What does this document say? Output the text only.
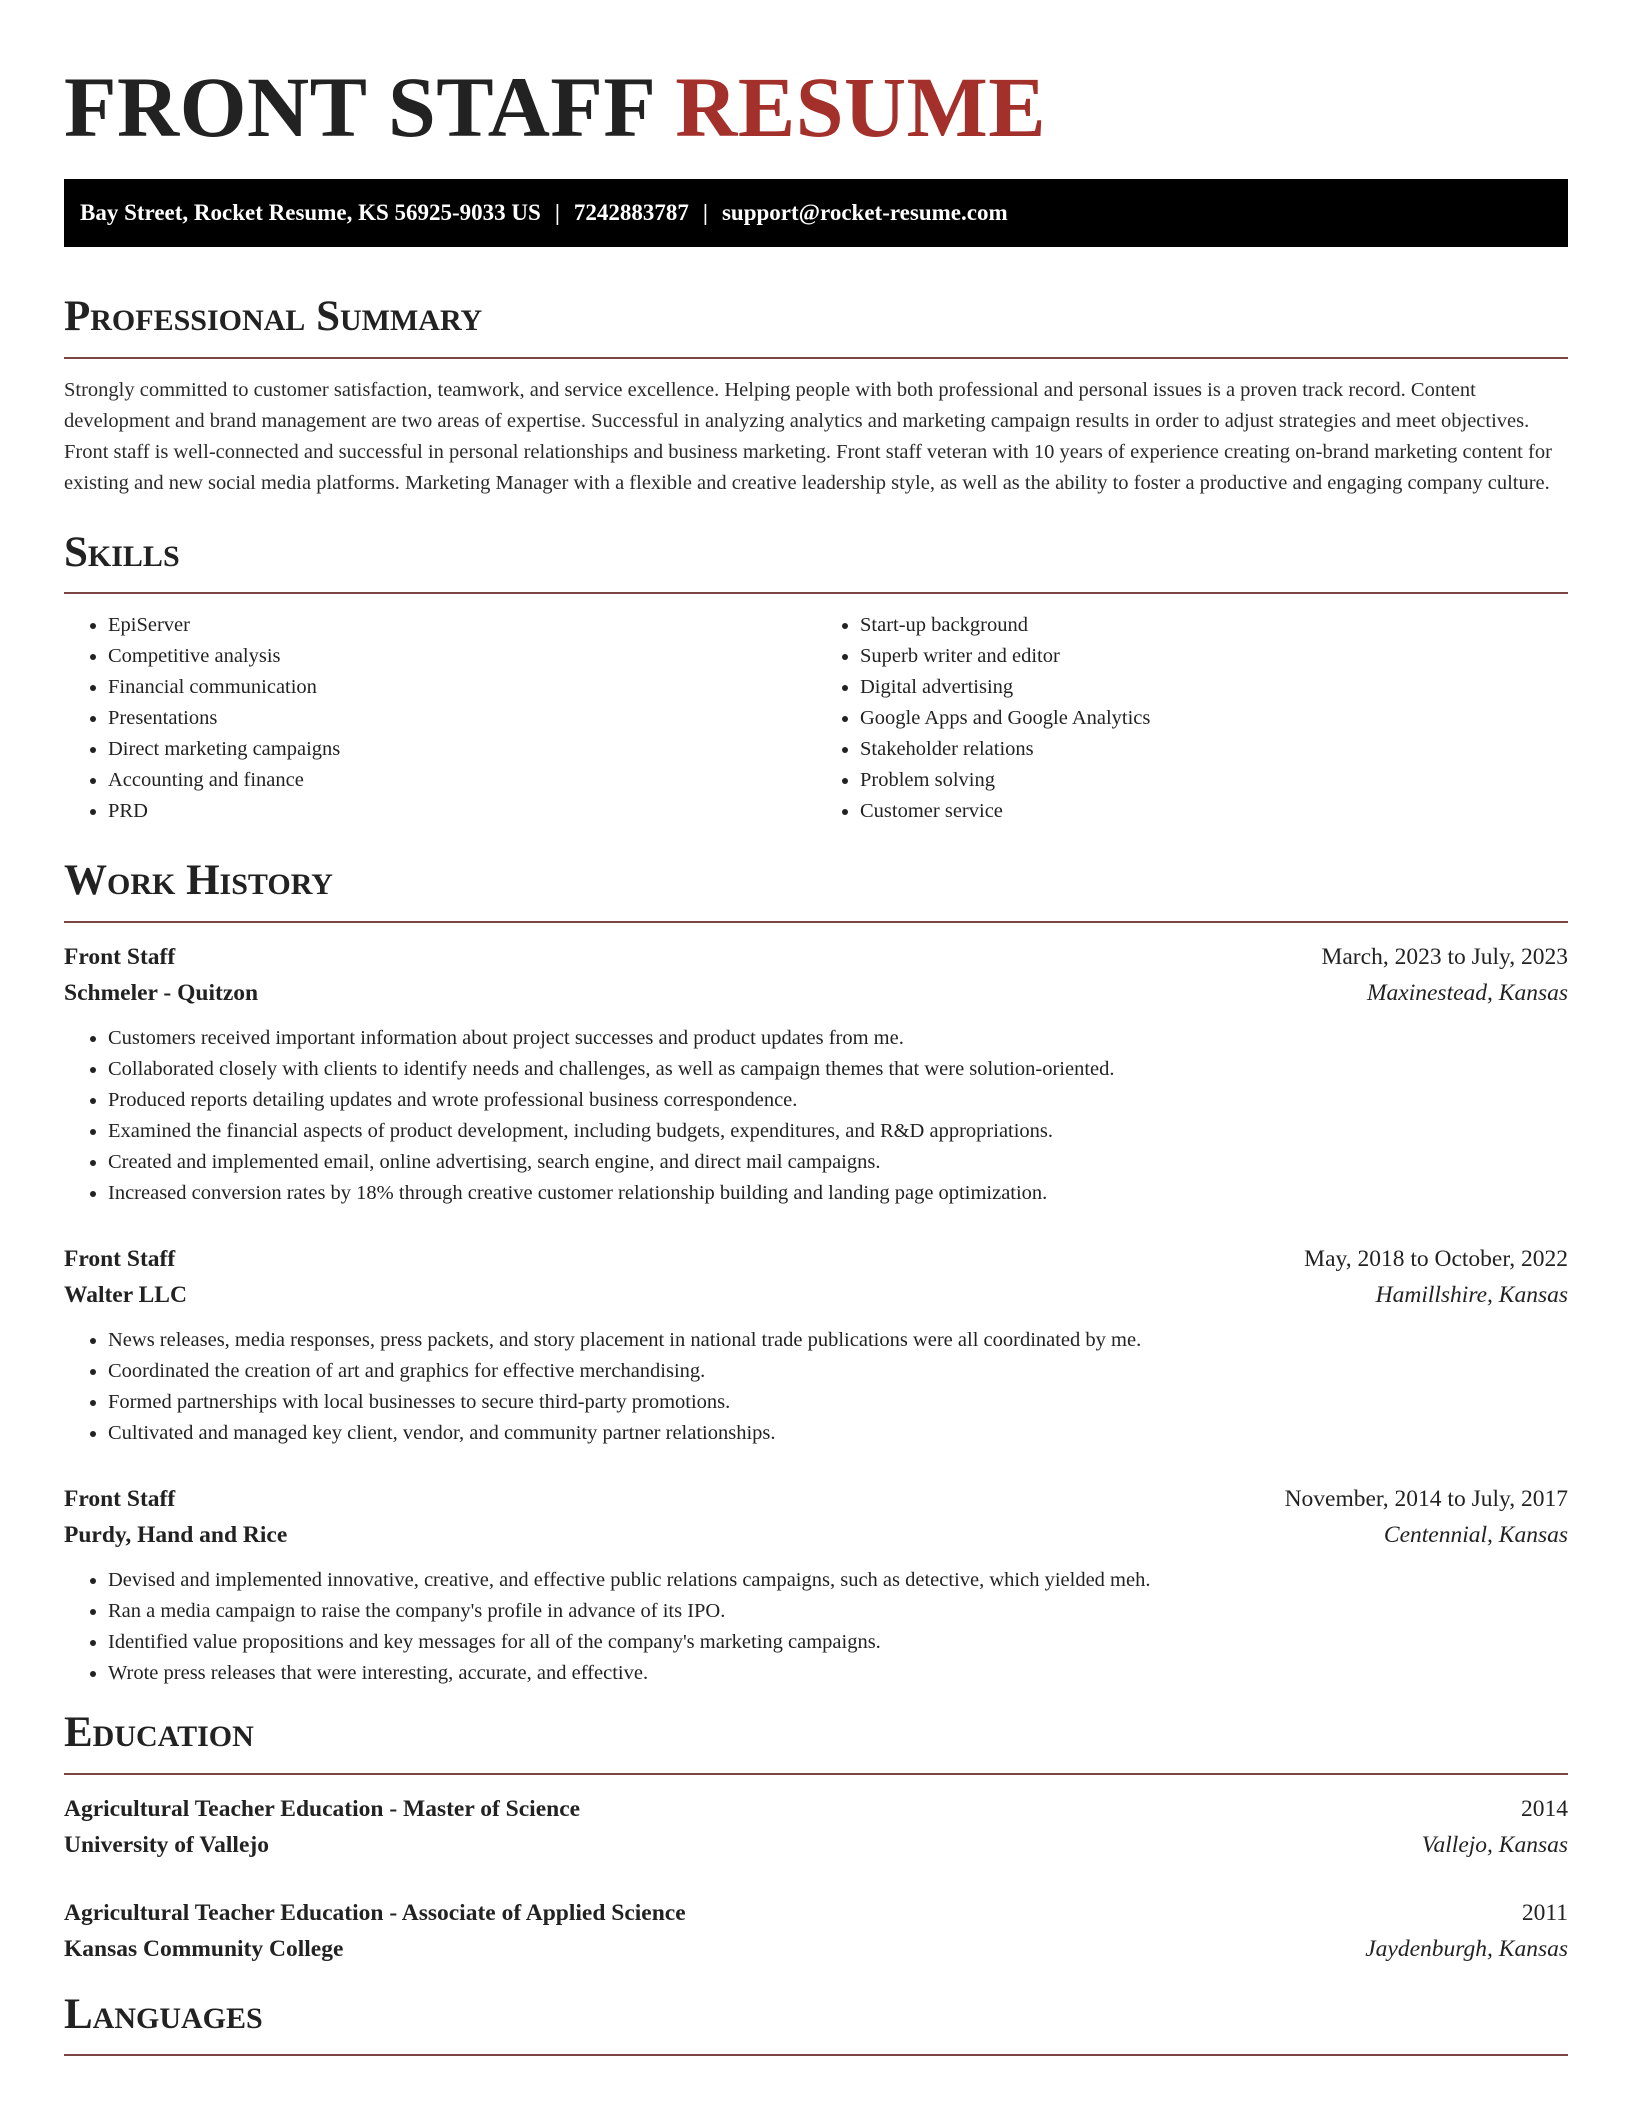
FRONT STAFF RESUME
Bay Street, Rocket Resume, KS 56925-9033 US | 7242883787 | support@rocket-resume.com
Professional Summary

Strongly committed to customer satisfaction, teamwork, and service excellence. Helping people with both professional and personal issues is a proven track record. Content development and brand management are two areas of expertise. Successful in analyzing analytics and marketing campaign results in order to adjust strategies and meet objectives. Front staff is well-connected and successful in personal relationships and business marketing. Front staff veteran with 10 years of experience creating on-brand marketing content for existing and new social media platforms. Marketing Manager with a flexible and creative leadership style, as well as the ability to foster a productive and engaging company culture.

Skills
• EpiServer
• Competitive analysis
• Financial communication
• Presentations
• Direct marketing campaigns
• Accounting and finance
• PRD
• Start-up background
• Superb writer and editor
• Digital advertising
• Google Apps and Google Analytics
• Stakeholder relations
• Problem solving
• Customer service
Work History
Front Staff	March, 2023 to July, 2023
Schmeler - Quitzon	Maxinestead, Kansas
• Customers received important information about project successes and product updates from me.
• Collaborated closely with clients to identify needs and challenges, as well as campaign themes that were solution-oriented.
• Produced reports detailing updates and wrote professional business correspondence.
• Examined the financial aspects of product development, including budgets, expenditures, and R&D appropriations.
• Created and implemented email, online advertising, search engine, and direct mail campaigns.
• Increased conversion rates by 18% through creative customer relationship building and landing page optimization.
Front Staff	May, 2018 to October, 2022
Walter LLC	Hamillshire, Kansas
• News releases, media responses, press packets, and story placement in national trade publications were all coordinated by me.
• Coordinated the creation of art and graphics for effective merchandising.
• Formed partnerships with local businesses to secure third-party promotions.
• Cultivated and managed key client, vendor, and community partner relationships.
Front Staff	November, 2014 to July, 2017
Purdy, Hand and Rice	Centennial, Kansas
• Devised and implemented innovative, creative, and effective public relations campaigns, such as detective, which yielded meh.
• Ran a media campaign to raise the company's profile in advance of its IPO.
• Identified value propositions and key messages for all of the company's marketing campaigns.
• Wrote press releases that were interesting, accurate, and effective.
Education
Agricultural Teacher Education - Master of Science	2014
University of Vallejo	Vallejo, Kansas
Agricultural Teacher Education - Associate of Applied Science	2011
Kansas Community College	Jaydenburgh, Kansas
Languages
